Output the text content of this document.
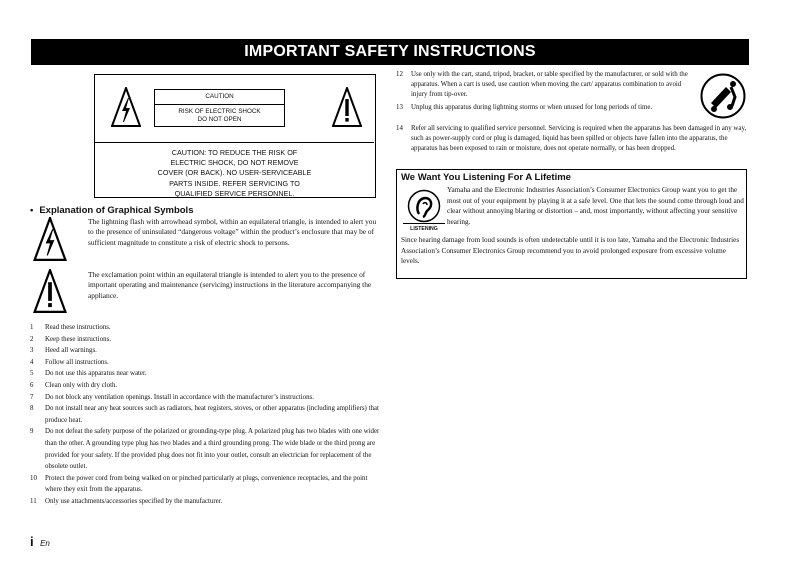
IMPORTANT SAFETY INSTRUCTIONS
CAUTION
RISK OF ELECTRIC SHOCK
DO NOT OPEN
CAUTION: TO REDUCE THE RISK OF
ELECTRIC SHOCK, DO NOT REMOVE
COVER (OR BACK). NO USER-SERVICEABLE
PARTS INSIDE. REFER SERVICING TO
QUALIFIED SERVICE PERSONNEL.
• Explanation of Graphical Symbols
The lightning flash with arrowhead symbol, within an equilateral triangle, is intended to alert you to the presence of uninsulated “dangerous voltage” within the product’s enclosure that may be of sufficient magnitude to constitute a risk of electric shock to persons.
The exclamation point within an equilateral triangle is intended to alert you to the presence of important operating and maintenance (servicing) instructions in the literature accompanying the appliance.
1	Read these instructions.
2	Keep these instructions.
3	Heed all warnings.
4	Follow all instructions.
5	Do not use this apparatus near water.
6	Clean only with dry cloth.
7	Do not block any ventilation openings. Install in accordance with the manufacturer’s instructions.
8	Do not install near any heat sources such as radiators, heat registers, stoves, or other apparatus (including amplifiers) that produce heat.
9	Do not defeat the safety purpose of the polarized or grounding-type plug. A polarized plug has two blades with one wider than the other. A grounding type plug has two blades and a third grounding prong. The wide blade or the third prong are provided for your safety. If the provided plug does not fit into your outlet, consult an electrician for replacement of the obsolete outlet.
10	Protect the power cord from being walked on or pinched particularly at plugs, convenience receptacles, and the point where they exit from the apparatus.
11	Only use attachments/accessories specified by the manufacturer.
12	Use only with the cart, stand, tripod, bracket, or table specified by the manufacturer, or sold with the apparatus. When a cart is used, use caution when moving the cart/ apparatus combination to avoid injury from tip-over.
13	Unplug this apparatus during lightning storms or when unused for long periods of time.
14	Refer all servicing to qualified service personnel. Servicing is required when the apparatus has been damaged in any way, such as power-supply cord or plug is damaged, liquid has been spilled or objects have fallen into the apparatus, the apparatus has been exposed to rain or moisture, does not operate normally, or has been dropped.
We Want You Listening For A Lifetime
LISTENING
Yamaha and the Electronic Industries Association’s Consumer Electronics Group want you to get the most out of your equipment by playing it at a safe level. One that lets the sound come through loud and clear without annoying blaring or distortion – and, most importantly, without affecting your sensitive hearing.
Since hearing damage from loud sounds is often undetectable until it is too late, Yamaha and the Electronic Industries Association’s Consumer Electronics Group recommend you to avoid prolonged exposure from excessive volume levels.
i En
